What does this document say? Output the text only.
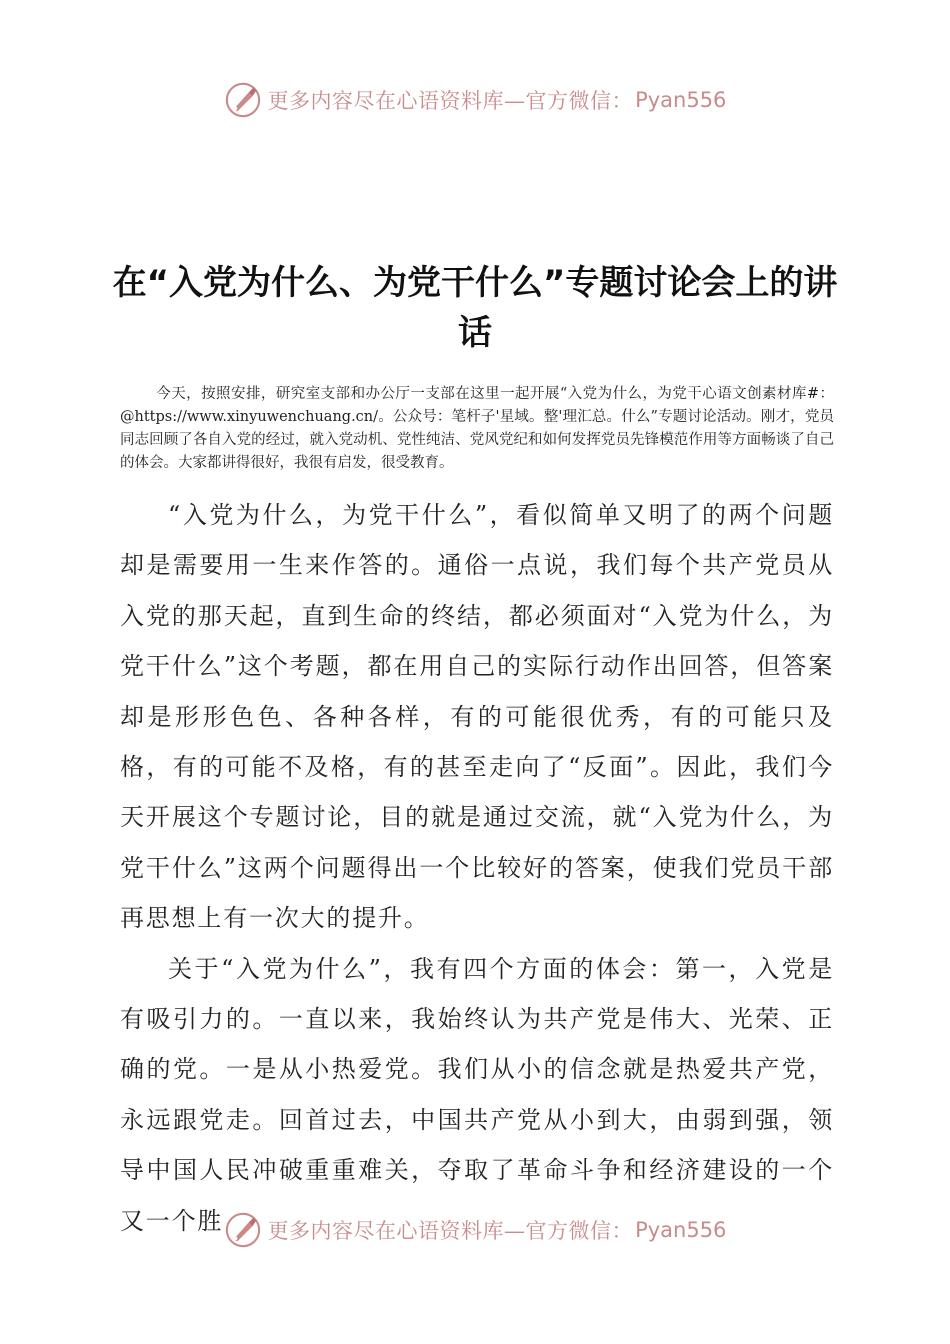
更多内容尽在心语资料库—官方微信： Pyan556
在“入党为什么、为党干什么”专题讨论会上的讲话
今天，按照安排，研究室支部和办公厅一支部在这里一起开展“入党为什么，为党干心语文创素材库#：@https://www.xinyuwenchuang.cn/。公众号：笔杆子'星域。整'理汇总。什么”专题讨论活动。刚才，党员同志回顾了各自入党的经过，就入党动机、党性纯洁、党风党纪和如何发挥党员先锋模范作用等方面畅谈了自己的体会。大家都讲得很好，我很有启发，很受教育。

“入党为什么，为党干什么”，看似简单又明了的两个问题却是需要用一生来作答的。通俗一点说，我们每个共产党员从入党的那天起，直到生命的终结，都必须面对“入党为什么，为党干什么”这个考题，都在用自己的实际行动作出回答，但答案却是形形色色、各种各样，有的可能很优秀，有的可能只及格，有的可能不及格，有的甚至走向了“反面”。因此，我们今天开展这个专题讨论，目的就是通过交流，就“入党为什么，为党干什么”这两个问题得出一个比较好的答案，使我们党员干部再思想上有一次大的提升。

关于“入党为什么”，我有四个方面的体会：第一，入党是有吸引力的。一直以来，我始终认为共产党是伟大、光荣、正确的党。一是从小热爱党。我们从小的信念就是热爱共产党，永远跟党走。回首过去，中国共产党从小到大，由弱到强，领导中国人民冲破重重难关，夺取了革命斗争和经济建设的一个又一个胜	更多内容尽在心语资料库—官方微信： Pyan556
